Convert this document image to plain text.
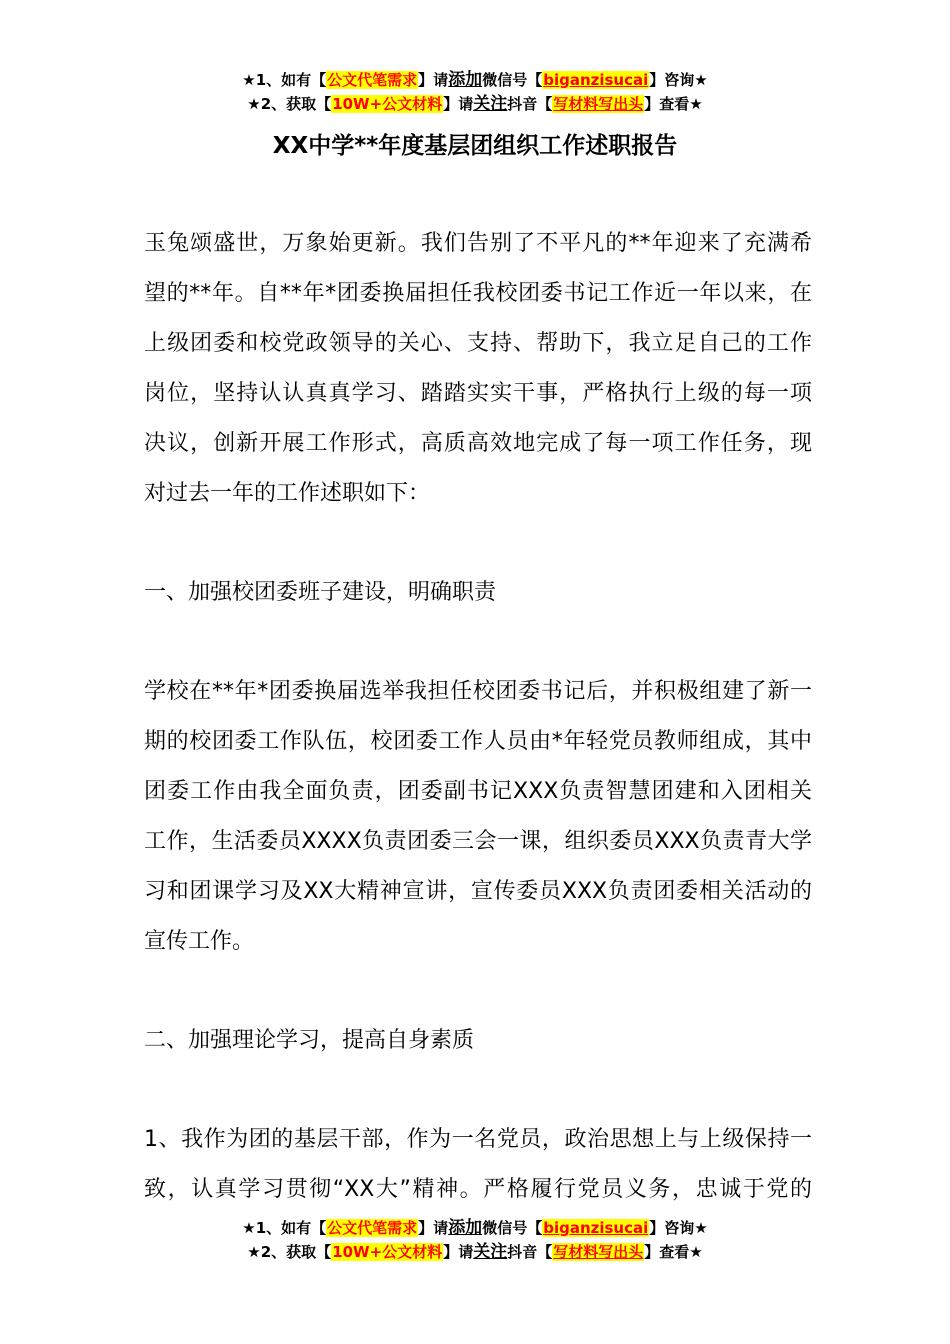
★1、如有【公文代笔需求】请添加微信号【biganzisucai】咨询★
★2、获取【10W+公文材料】请关注抖音【写材料写出头】查看★
XX中学**年度基层团组织工作述职报告
玉兔颂盛世，万象始更新。我们告别了不平凡的**年迎来了充满希
望的**年。自**年*团委换届担任我校团委书记工作近一年以来，在
上级团委和校党政领导的关心、支持、帮助下，我立足自己的工作
岗位，坚持认认真真学习、踏踏实实干事，严格执行上级的每一项
决议，创新开展工作形式，高质高效地完成了每一项工作任务，现
对过去一年的工作述职如下：
一、加强校团委班子建设，明确职责
学校在**年*团委换届选举我担任校团委书记后，并积极组建了新一
期的校团委工作队伍，校团委工作人员由*年轻党员教师组成，其中
团委工作由我全面负责，团委副书记XXX负责智慧团建和入团相关
工作，生活委员XXXX负责团委三会一课，组织委员XXX负责青大学
习和团课学习及XX大精神宣讲，宣传委员XXX负责团委相关活动的
宣传工作。
二、加强理论学习，提高自身素质
1、我作为团的基层干部，作为一名党员，政治思想上与上级保持一
致，认真学习贯彻“XX大”精神。严格履行党员义务，忠诚于党的
★1、如有【公文代笔需求】请添加微信号【biganzisucai】咨询★
★2、获取【10W+公文材料】请关注抖音【写材料写出头】查看★
